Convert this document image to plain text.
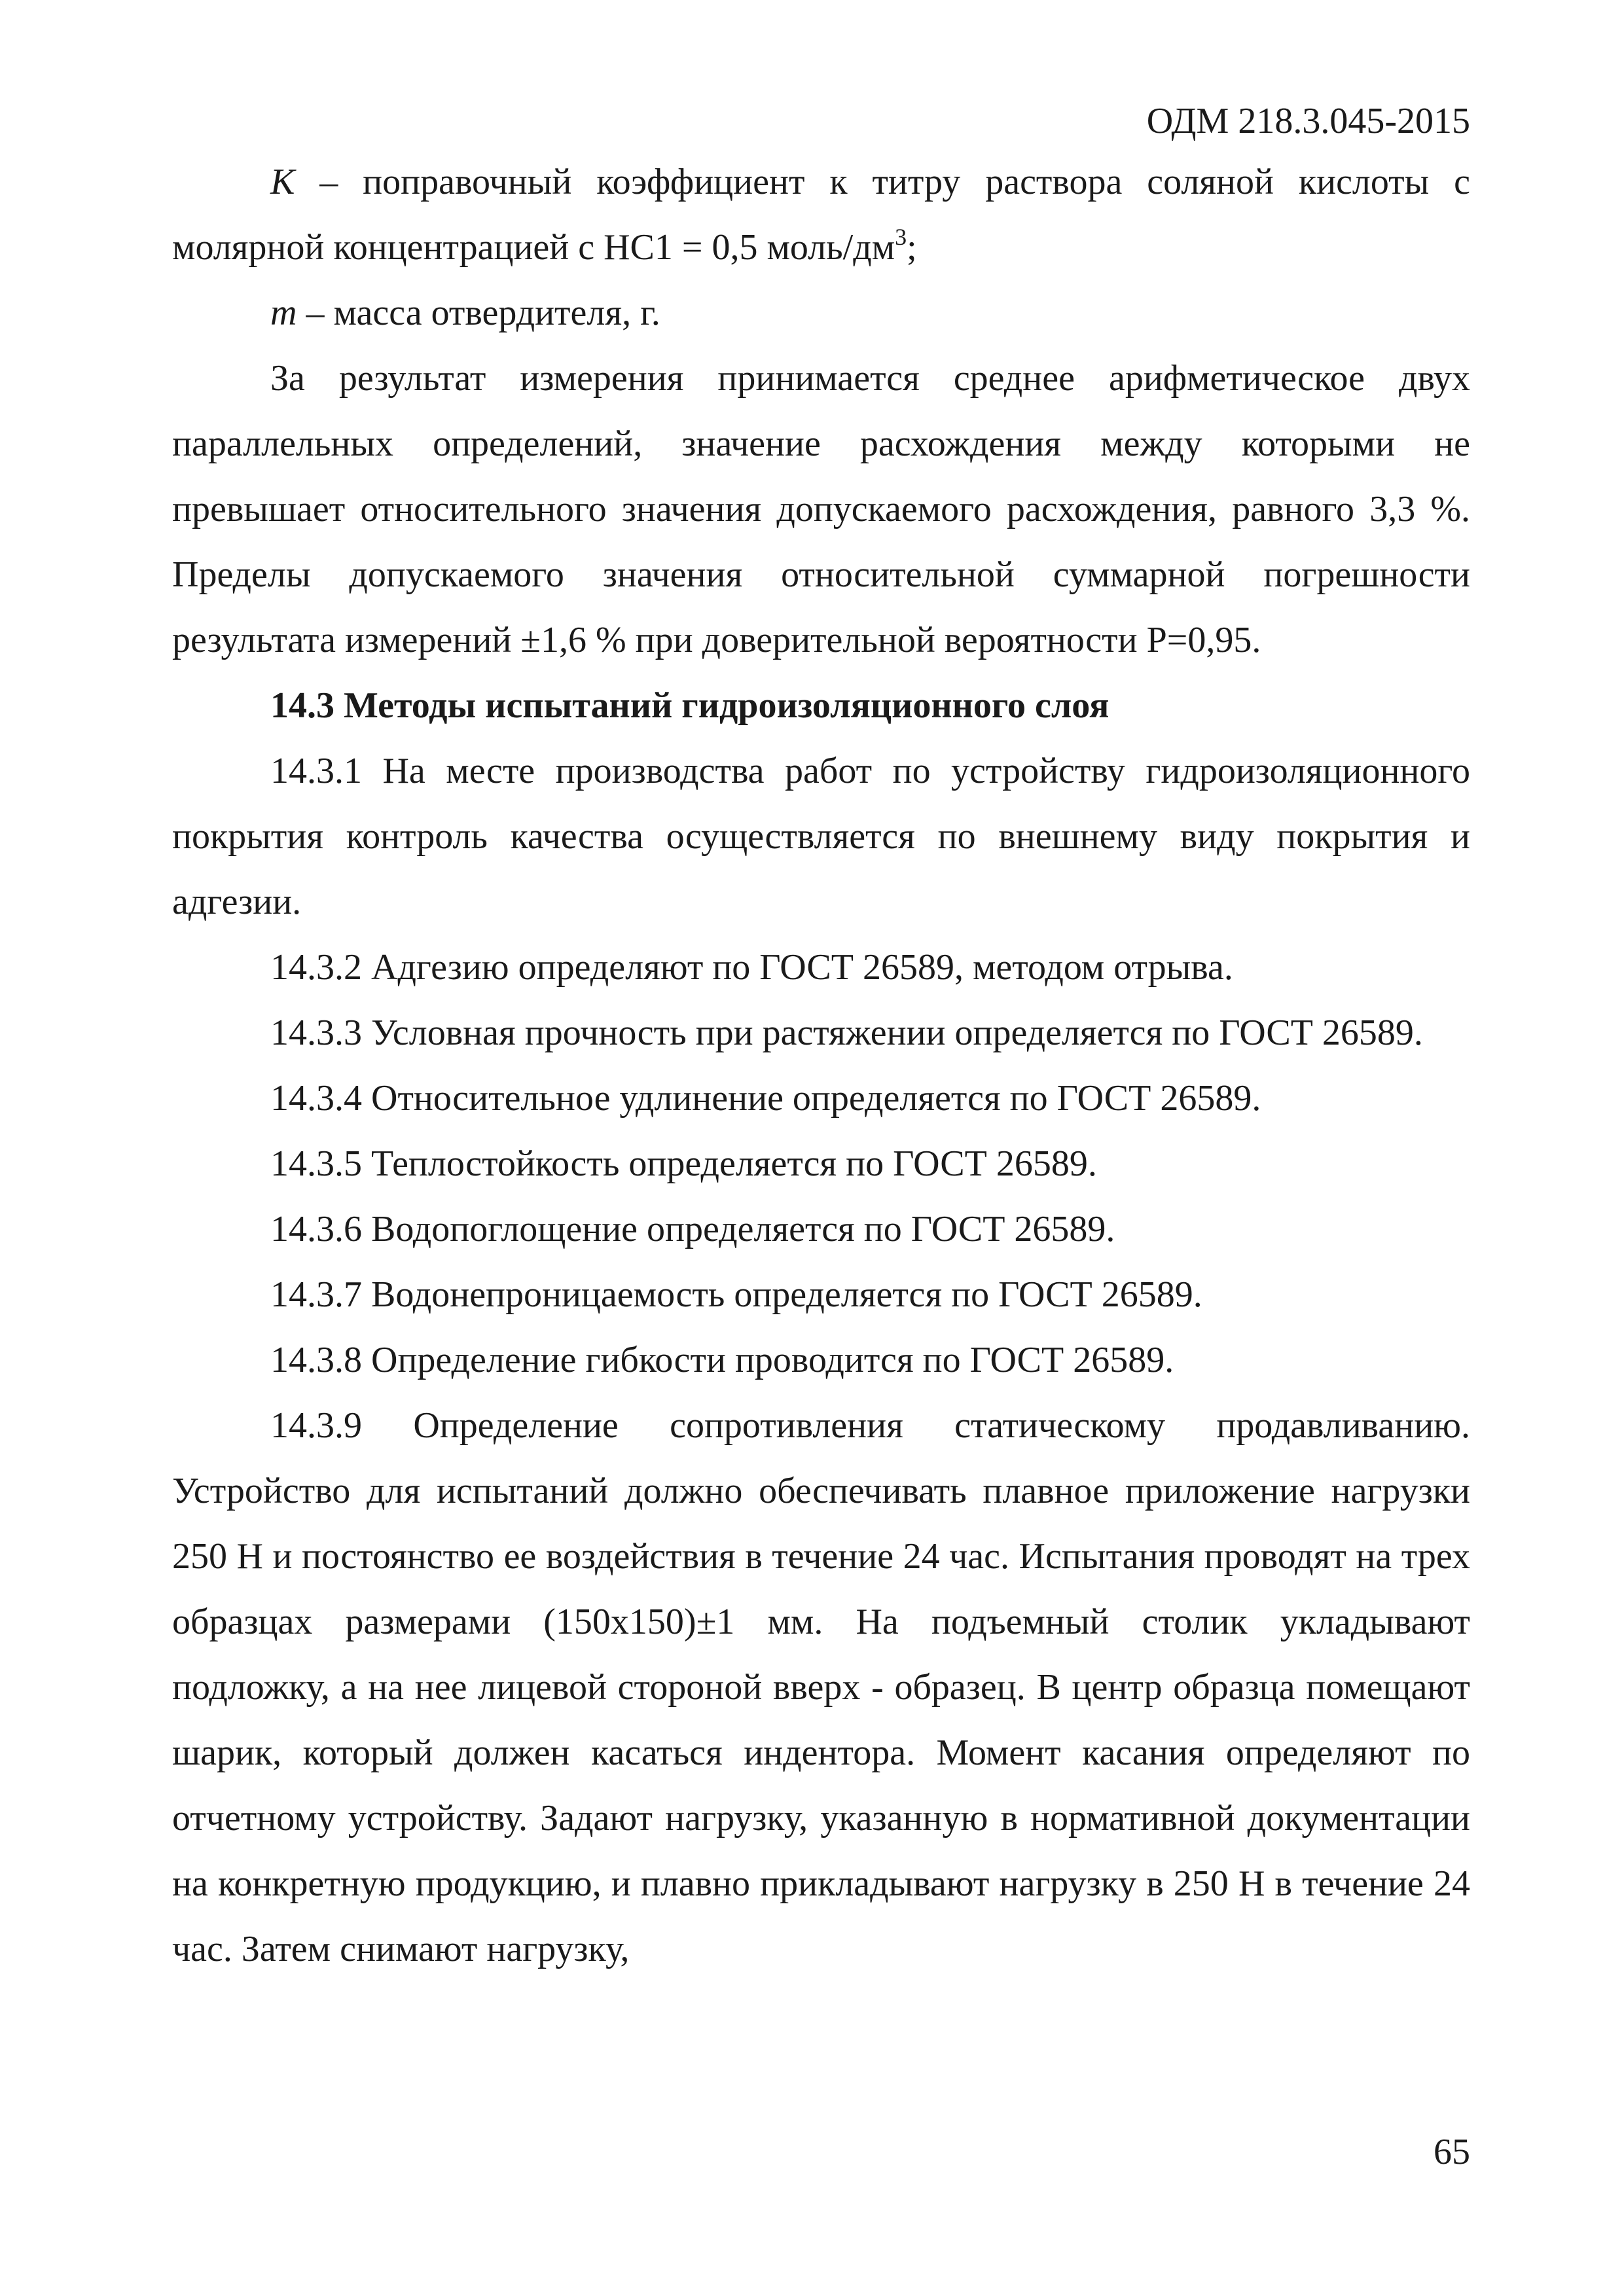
ОДМ 218.3.045-2015

K – поправочный коэффициент к титру раствора соляной кислоты с молярной концентрацией с НС1 = 0,5 моль/$дм^3$;

m – масса отвердителя, г.

За результат измерения принимается среднее арифметическое двух параллельных определений, значение расхождения между которыми не превышает относительного значения допускаемого расхождения, равного 3,3 %. Пределы допускаемого значения относительной суммарной погрешности результата измерений ±1,6 % при доверительной вероятности Р=0,95.

14.3 Методы испытаний гидроизоляционного слоя

14.3.1 На месте производства работ по устройству гидроизоляционного покрытия контроль качества осуществляется по внешнему виду покрытия и адгезии.

14.3.2 Адгезию определяют по ГОСТ 26589, методом отрыва.

14.3.3 Условная прочность при растяжении определяется по ГОСТ 26589.

14.3.4 Относительное удлинение определяется по ГОСТ 26589.

14.3.5 Теплостойкость определяется по ГОСТ 26589.

14.3.6 Водопоглощение определяется по ГОСТ 26589.

14.3.7 Водонепроницаемость определяется по ГОСТ 26589.

14.3.8 Определение гибкости проводится по ГОСТ 26589.

14.3.9 Определение сопротивления статическому продавливанию. Устройство для испытаний должно обеспечивать плавное приложение нагрузки 250 Н и постоянство ее воздействия в течение 24 час. Испытания проводят на трех образцах размерами (150х150)±1 мм. На подъемный столик укладывают подложку, а на нее лицевой стороной вверх - образец. В центр образца помещают шарик, который должен касаться индентора. Момент касания определяют по отчетному устройству. Задают нагрузку, указанную в нормативной документации на конкретную продукцию, и плавно прикладывают нагрузку в 250 Н в течение 24 час. Затем снимают нагрузку,

65
